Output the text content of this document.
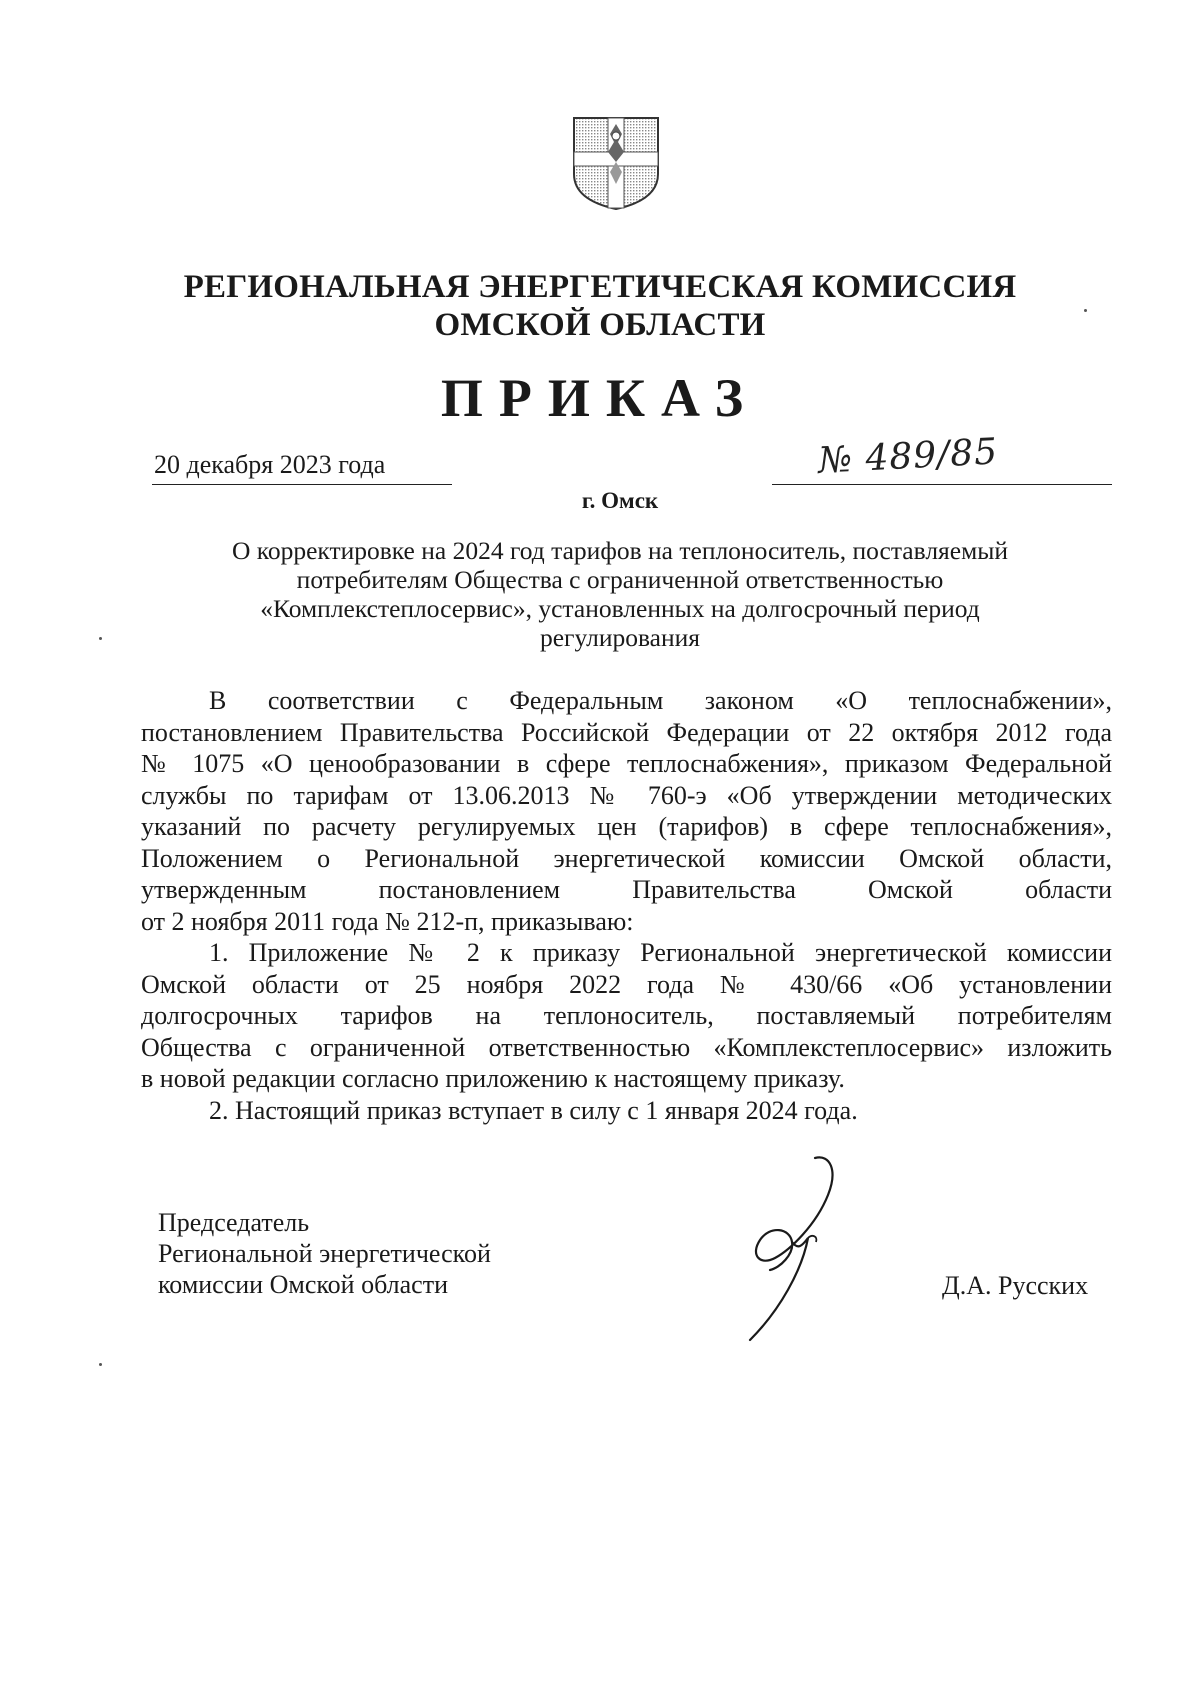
РЕГИОНАЛЬНАЯ ЭНЕРГЕТИЧЕСКАЯ КОМИССИЯ
ОМСКОЙ ОБЛАСТИ
ПРИКАЗ
20 декабря 2023 года	№ 489/85
г. Омск
О корректировке на 2024 год тарифов на теплоноситель, поставляемый
потребителям Общества с ограниченной ответственностью
«Комплекстеплосервис», установленных на долгосрочный период
регулирования
В соответствии с Федеральным законом «О теплоснабжении»,
постановлением Правительства Российской Федерации от 22 октября 2012 года
№ 1075 «О ценообразовании в сфере теплоснабжения», приказом Федеральной
службы по тарифам от 13.06.2013 № 760-э «Об утверждении методических
указаний по расчету регулируемых цен (тарифов) в сфере теплоснабжения»,
Положением о Региональной энергетической комиссии Омской области,
утвержденным постановлением Правительства Омской области
от 2 ноября 2011 года № 212-п, приказываю:
1. Приложение № 2 к приказу Региональной энергетической комиссии
Омской области от 25 ноября 2022 года № 430/66 «Об установлении
долгосрочных тарифов на теплоноситель, поставляемый потребителям
Общества с ограниченной ответственностью «Комплекстеплосервис» изложить
в новой редакции согласно приложению к настоящему приказу.
2. Настоящий приказ вступает в силу с 1 января 2024 года.
Председатель
Региональной энергетической
комиссии Омской области	Д.А. Русских
